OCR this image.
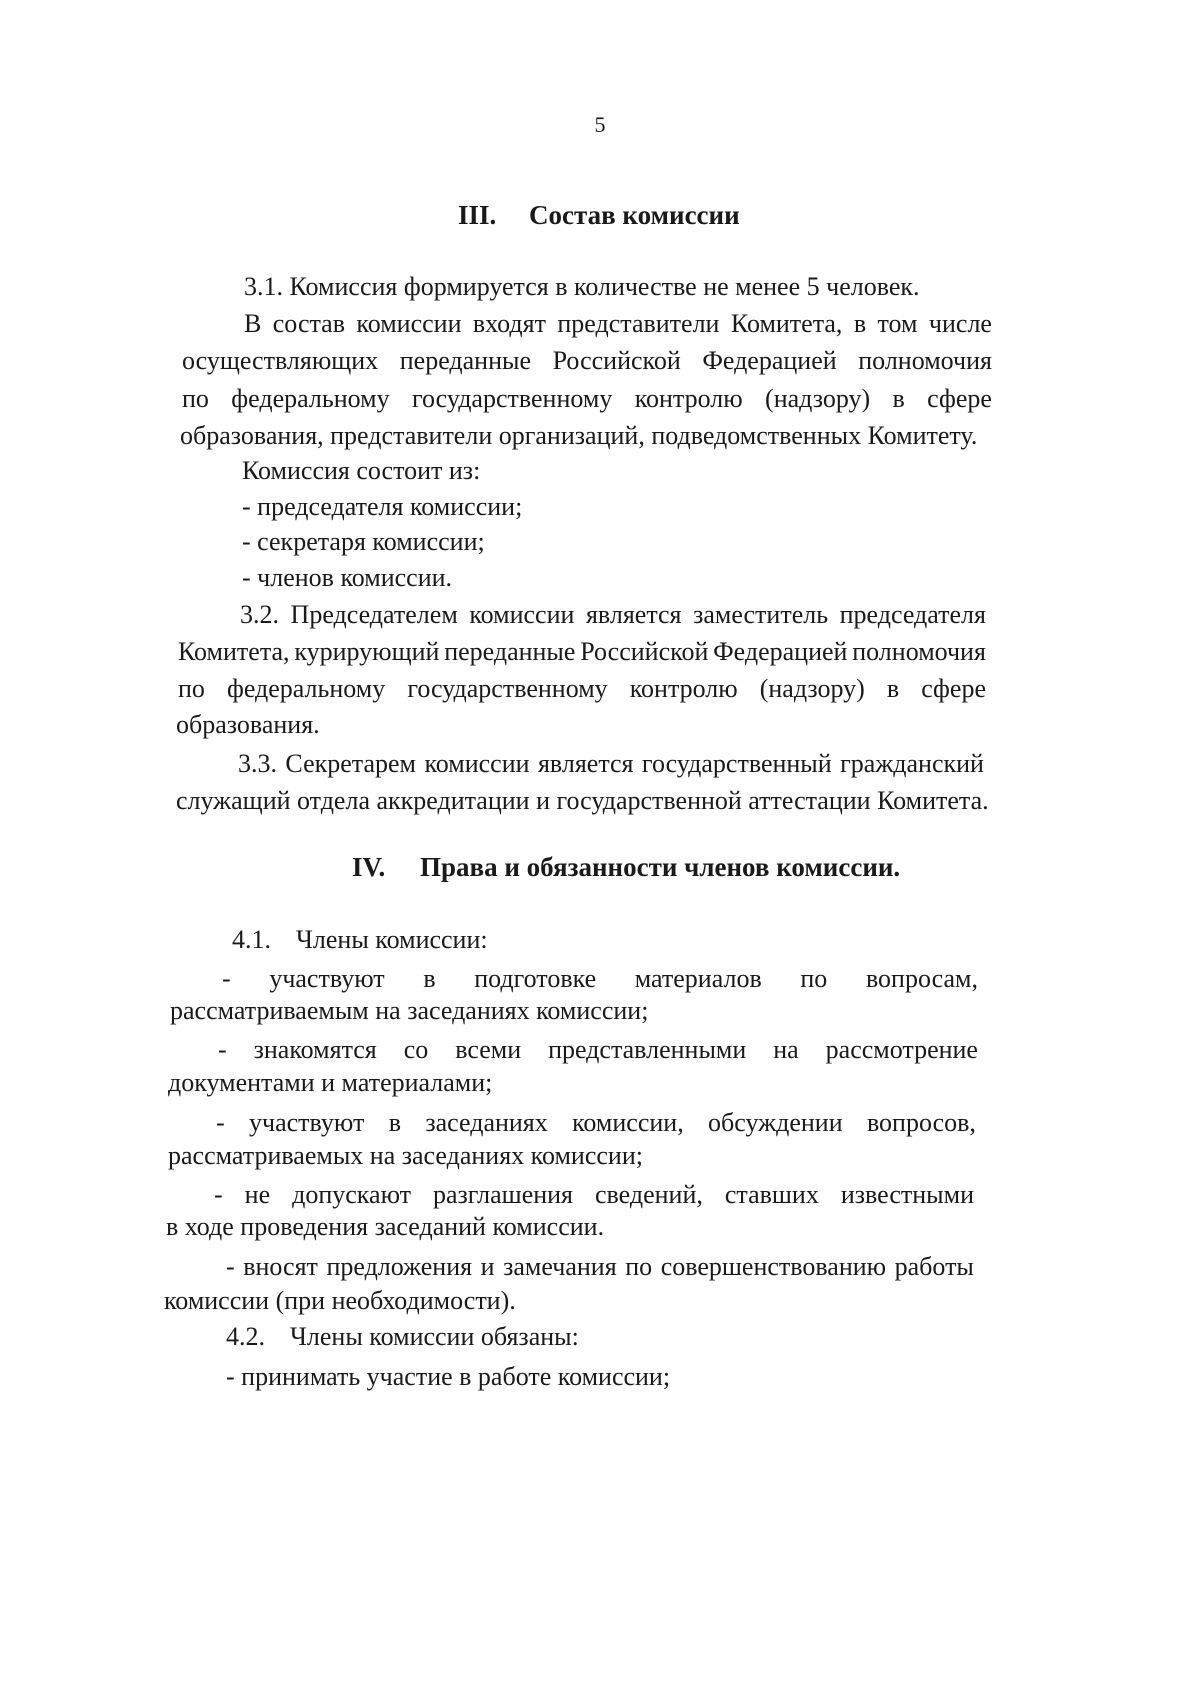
5
III. Состав комиссии
3.1. Комиссия формируется в количестве не менее 5 человек.
В состав комиссии входят представители Комитета, в том числе
осуществляющих переданные Российской Федерацией полномочия
по федеральному государственному контролю (надзору) в сфере
образования, представители организаций, подведомственных Комитету.
Комиссия состоит из:
- председателя комиссии;
- секретаря комиссии;
- членов комиссии.
3.2. Председателем комиссии является заместитель председателя
Комитета, курирующий переданные Российской Федерацией полномочия
по федеральному государственному контролю (надзору) в сфере
образования.
3.3. Секретарем комиссии является государственный гражданский
служащий отдела аккредитации и государственной аттестации Комитета.
IV. Права и обязанности членов комиссии.
4.1. Члены комиссии:
- участвуют в подготовке материалов по вопросам,
рассматриваемым на заседаниях комиссии;
- знакомятся со всеми представленными на рассмотрение
документами и материалами;
- участвуют в заседаниях комиссии, обсуждении вопросов,
рассматриваемых на заседаниях комиссии;
- не допускают разглашения сведений, ставших известными
в ходе проведения заседаний комиссии.
- вносят предложения и замечания по совершенствованию работы
комиссии (при необходимости).
4.2. Члены комиссии обязаны:
- принимать участие в работе комиссии;
